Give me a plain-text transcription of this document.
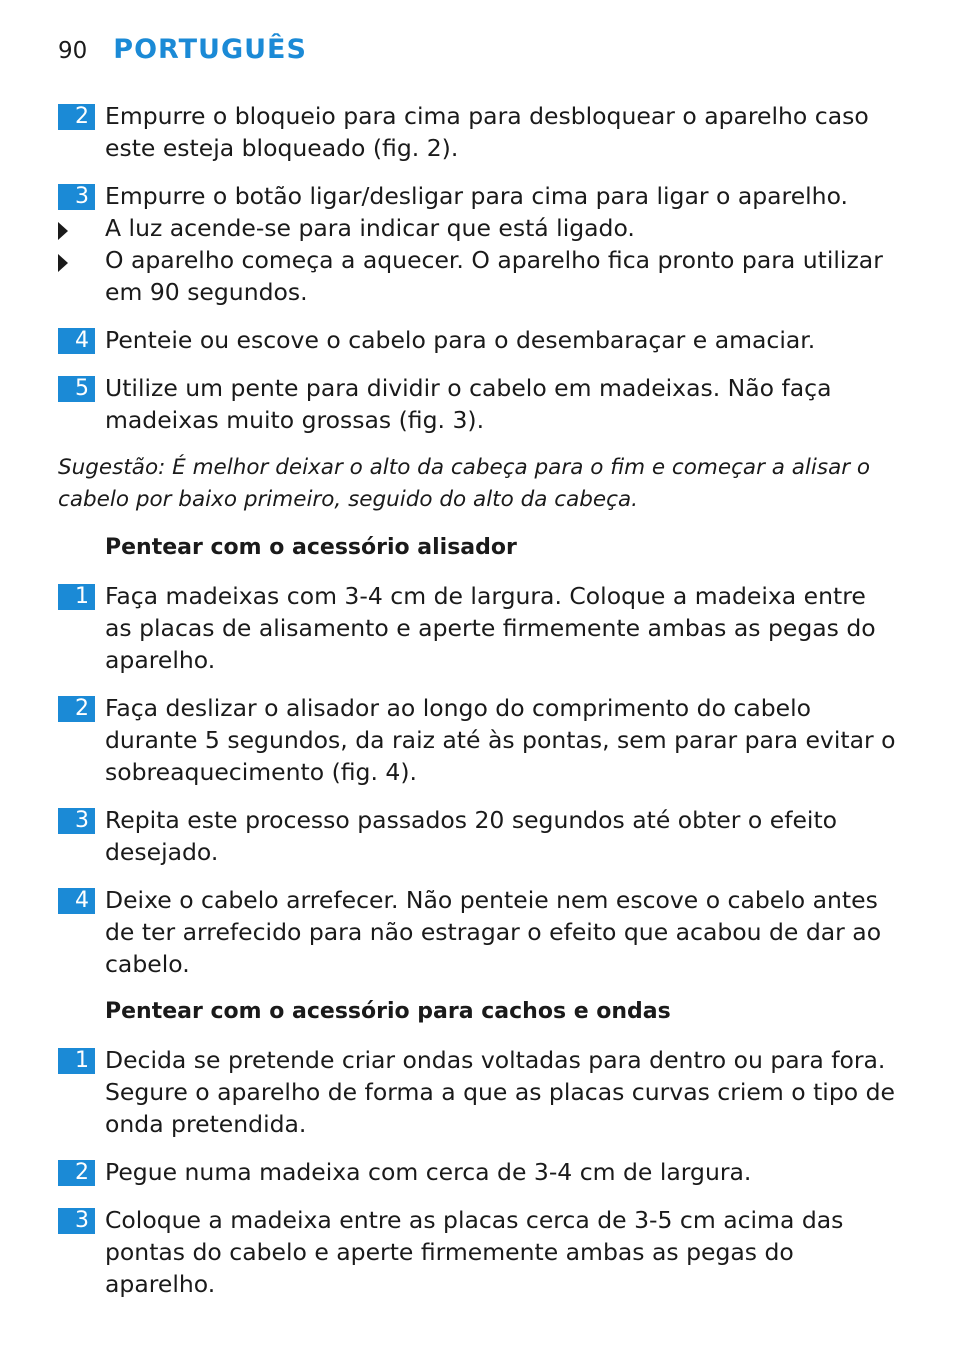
90 PORTUGUÊS
2 Empurre o bloqueio para cima para desbloquear o aparelho caso este esteja bloqueado (fig. 2).
3 Empurre o botão ligar/desligar para cima para ligar o aparelho.
A luz acende-se para indicar que está ligado.
O aparelho começa a aquecer. O aparelho fica pronto para utilizar em 90 segundos.
4 Penteie ou escove o cabelo para o desembaraçar e amaciar.
5 Utilize um pente para dividir o cabelo em madeixas. Não faça madeixas muito grossas (fig. 3).
Sugestão: É melhor deixar o alto da cabeça para o fim e começar a alisar o cabelo por baixo primeiro, seguido do alto da cabeça.
Pentear com o acessório alisador
1 Faça madeixas com 3-4 cm de largura. Coloque a madeixa entre as placas de alisamento e aperte firmemente ambas as pegas do aparelho.
2 Faça deslizar o alisador ao longo do comprimento do cabelo durante 5 segundos, da raiz até às pontas, sem parar para evitar o sobreaquecimento (fig. 4).
3 Repita este processo passados 20 segundos até obter o efeito desejado.
4 Deixe o cabelo arrefecer. Não penteie nem escove o cabelo antes de ter arrefecido para não estragar o efeito que acabou de dar ao cabelo.
Pentear com o acessório para cachos e ondas
1 Decida se pretende criar ondas voltadas para dentro ou para fora. Segure o aparelho de forma a que as placas curvas criem o tipo de onda pretendida.
2 Pegue numa madeixa com cerca de 3-4 cm de largura.
3 Coloque a madeixa entre as placas cerca de 3-5 cm acima das pontas do cabelo e aperte firmemente ambas as pegas do aparelho.
